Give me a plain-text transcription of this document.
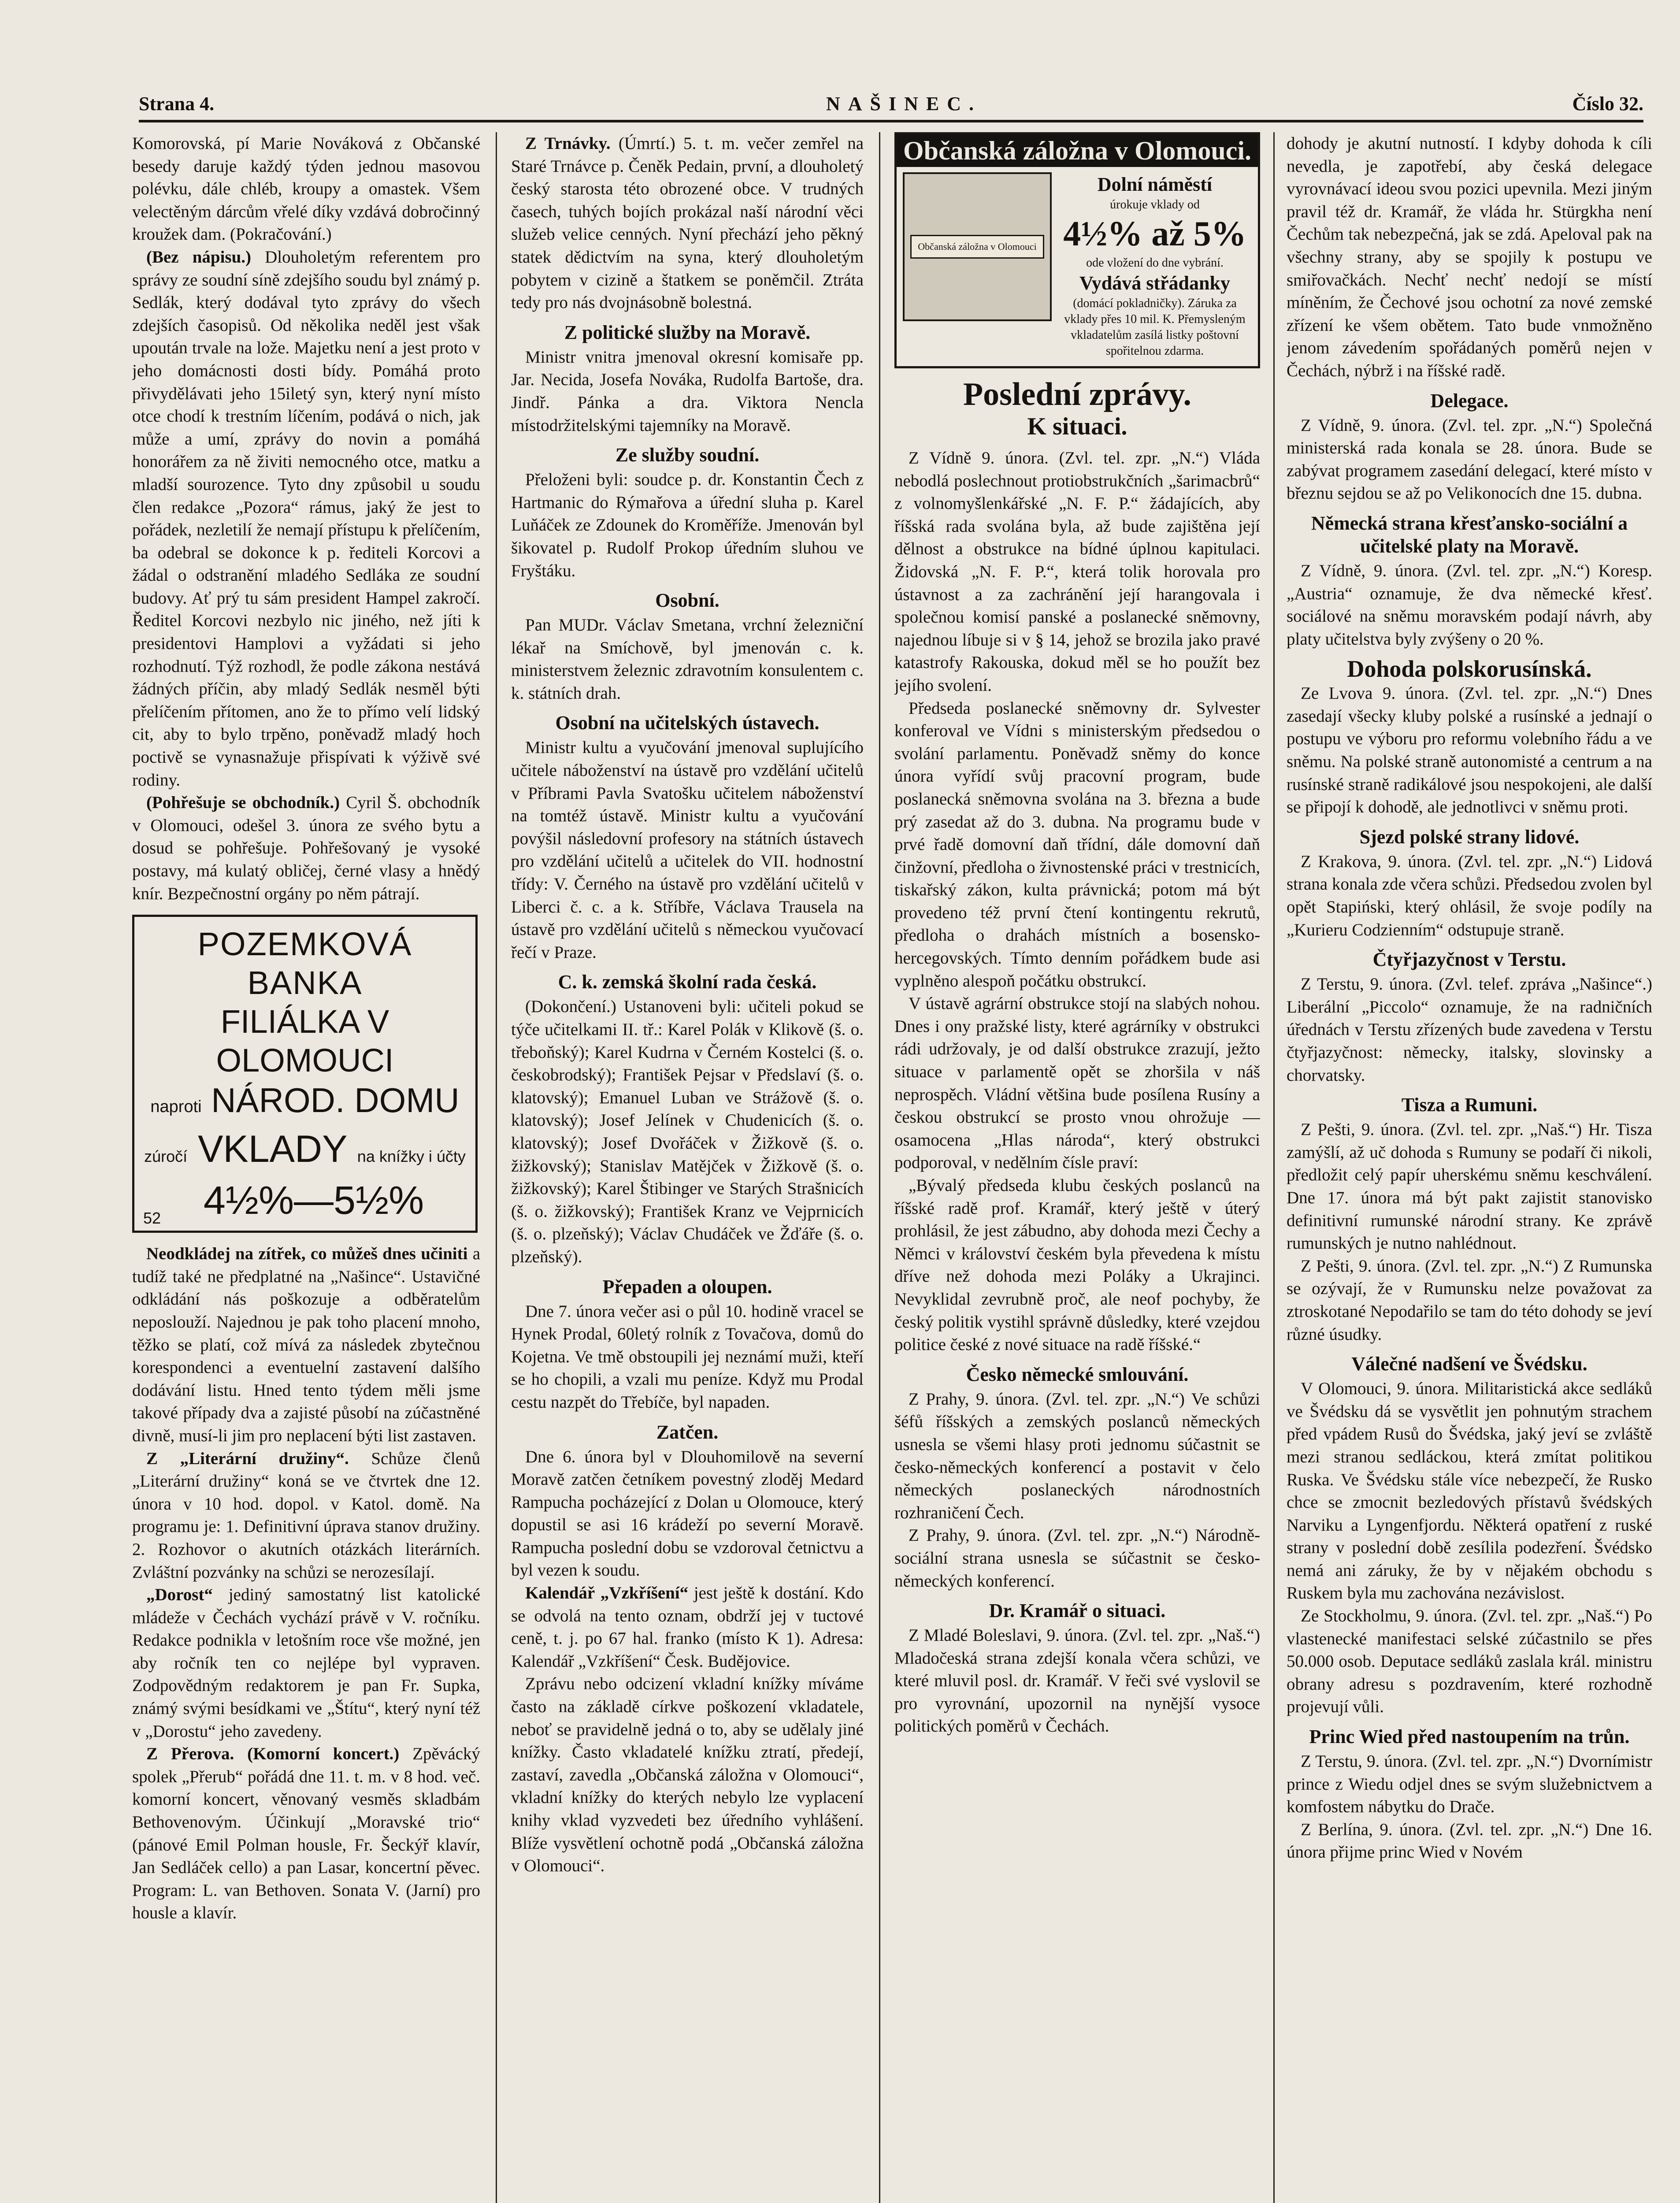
Strana 4.	NAŠINEC.	Číslo 32.

Komorovská, pí Marie Nováková z Občanské besedy daruje každý týden jednou masovou polévku, dále chléb, kroupy a omastek. Všem velectěným dárcům vřelé díky vzdává dobročinný kroužek dam. (Pokračování.)

(Bez nápisu.) Dlouholetým referentem pro správy ze soudní síně zdejšího soudu byl známý p. Sedlák, který dodával tyto zprávy do všech zdejších časopisů. Od několika neděl jest však upoután trvale na lože. Majetku není a jest proto v jeho domácnosti dosti bídy. Pomáhá proto přivydělávati jeho 15iletý syn, který nyní místo otce chodí k trestním líčením, podává o nich, jak může a umí, zprávy do novin a pomáhá honorářem za ně živiti nemocného otce, matku a mladší sourozence. Tyto dny způsobil u soudu člen redakce „Pozora“ rámus, jaký že jest to pořádek, nezletilí že nemají přístupu k přelíčením, ba odebral se dokonce k p. řediteli Korcovi a žádal o odstranění mladého Sedláka ze soudní budovy. Ať prý tu sám president Hampel zakročí. Ředitel Korcovi nezbylo nic jiného, než jíti k presidentovi Hamplovi a vyžádati si jeho rozhodnutí. Týž rozhodl, že podle zákona nestává žádných příčin, aby mladý Sedlák nesměl býti přelíčením přítomen, ano že to přímo velí lidský cit, aby to bylo trpěno, poněvadž mladý hoch poctivě se vynasnažuje přispívati k výživě své rodiny.

(Pohřešuje se obchodník.) Cyril Š. obchodník v Olomouci, odešel 3. února ze svého bytu a dosud se pohřešuje. Pohřešovaný je vysoké postavy, má kulatý obličej, černé vlasy a hnědý knír. Bezpečnostní orgány po něm pátrají.

POZEMKOVÁ BANKA
FILIÁLKA V OLOMOUCI
naproti NÁROD. DOMU
zúročí VKLADY na knížky i účty
52 4½%—5½%

Neodkládej na zítřek, co můžeš dnes učiniti a tudíž také ne předplatné na „Našince“. Ustavičné odkládání nás poškozuje a odběratelům neposlouží. Najednou je pak toho placení mnoho, těžko se platí, což mívá za následek zbytečnou korespondenci a eventuelní zastavení dalšího dodávání listu. Hned tento týdem měli jsme takové případy dva a zajisté působí na zúčastněné divně, musí-li jim pro neplacení býti list zastaven.

Z „Literární družiny“. Schůze členů „Literární družiny“ koná se ve čtvrtek dne 12. února v 10 hod. dopol. v Katol. domě. Na programu je: 1. Definitivní úprava stanov družiny. 2. Rozhovor o akutních otázkách literárních. Zvláštní pozvánky na schůzi se nerozesílají.

„Dorost“ jediný samostatný list katolické mládeže v Čechách vychází právě v V. ročníku. Redakce podnikla v letošním roce vše možné, jen aby ročník ten co nejlépe byl vypraven. Zodpovědným redaktorem je pan Fr. Supka, známý svými besídkami ve „Štítu“, který nyní též v „Dorostu“ jeho zavedeny.

Z Přerova. (Komorní koncert.) Zpěvácký spolek „Přerub“ pořádá dne 11. t. m. v 8 hod. več. komorní koncert, věnovaný vesměs skladbám Bethovenovým. Účinkují „Moravské trio“ (pánové Emil Polman housle, Fr. Šeckýř klavír, Jan Sedláček cello) a pan Lasar, koncertní pěvec. Program: L. van Bethoven. Sonata V. (Jarní) pro housle a klavír.

Z Trnávky. (Úmrtí.) 5. t. m. večer zemřel na Staré Trnávce p. Čeněk Pedain, první, a dlouholetý český starosta této obrozené obce. V trudných časech, tuhých bojích prokázal naší národní věci služeb velice cenných. Nyní přechází jeho pěkný statek dědictvím na syna, který dlouholetým pobytem v cizině a štatkem se poněmčil. Ztráta tedy pro nás dvojnásobně bolestná.

Z politické služby na Moravě.

Ministr vnitra jmenoval okresní komisaře pp. Jar. Necida, Josefa Nováka, Rudolfa Bartoše, dra. Jindř. Pánka a dra. Viktora Nencla místodržitelskými tajemníky na Moravě.

Ze služby soudní.

Přeloženi byli: soudce p. dr. Konstantin Čech z Hartmanic do Rýmařova a úřední sluha p. Karel Luňáček ze Zdounek do Kroměříže. Jmenován byl šikovatel p. Rudolf Prokop úředním sluhou ve Fryštáku.

Osobní.

Pan MUDr. Václav Smetana, vrchní železniční lékař na Smíchově, byl jmenován c. k. ministerstvem železnic zdravotním konsulentem c. k. státních drah.

Osobní na učitelských ústavech.

Ministr kultu a vyučování jmenoval suplujícího učitele náboženství na ústavě pro vzdělání učitelů v Příbrami Pavla Svatošku učitelem náboženství na tomtéž ústavě. Ministr kultu a vyučování povýšil následovní profesory na státních ústavech pro vzdělání učitelů a učitelek do VII. hodnostní třídy: V. Černého na ústavě pro vzdělání učitelů v Liberci č. c. a k. Stříbře, Václava Trausela na ústavě pro vzdělání učitelů s německou vyučovací řečí v Praze.

C. k. zemská školní rada česká.

(Dokončení.) Ustanoveni byli: učiteli pokud se týče učitelkami II. tř.: Karel Polák v Klikově (š. o. třeboňský); Karel Kudrna v Černém Kostelci (š. o. českobrodský); František Pejsar v Předslaví (š. o. klatovský); Emanuel Luban ve Strážově (š. o. klatovský); Josef Jelínek v Chudenicích (š. o. klatovský); Josef Dvořáček v Žižkově (š. o. žižkovský); Stanislav Matějček v Žižkově (š. o. žižkovský); Karel Štibinger ve Starých Strašnicích (š. o. žižkovský); František Kranz ve Vejprnicích (š. o. plzeňský); Václav Chudáček ve Žďáře (š. o. plzeňský).

Přepaden a oloupen.

Dne 7. února večer asi o půl 10. hodině vracel se Hynek Prodal, 60letý rolník z Tovačova, domů do Kojetna. Ve tmě obstoupili jej neznámí muži, kteří se ho chopili, a vzali mu peníze. Když mu Prodal cestu nazpět do Třebíče, byl napaden.

Zatčen.

Dne 6. února byl v Dlouhomilově na severní Moravě zatčen četníkem povestný zloděj Medard Rampucha pocházející z Dolan u Olomouce, který dopustil se asi 16 krádeží po severní Moravě. Rampucha poslední dobu se vzdoroval četnictvu a byl vezen k soudu.

Kalendář „Vzkříšení“ jest ještě k dostání. Kdo se odvolá na tento oznam, obdrží jej v tuctové ceně, t. j. po 67 hal. franko (místo K 1). Adresa: Kalendář „Vzkříšení“ Česk. Budějovice.

Zprávu nebo odcizení vkladní knížky míváme často na základě církve poškození vkladatele, neboť se pravidelně jedná o to, aby se udělaly jiné knížky. Často vkladatelé knížku ztratí, předejí, zastaví, zavedla „Občanská záložna v Olomouci“, vkladní knížky do kterých nebylo lze vyplacení knihy vklad vyzvedeti bez úředního vyhlášení. Blíže vysvětlení ochotně podá „Občanská záložna v Olomouci“.

Občanská záložna v Olomouci.
Občanská záložna v Olomouci
Dolní náměstí
úrokuje vklady od
4½% až 5%
ode vložení do dne vybrání.
Vydává střádanky
(domácí pokladničky). Záruka za vklady přes 10 mil. K. Přemysleným vkladatelům zasílá listky poštovní spořitelnou zdarma.
Poslední zprávy.
K situaci.

Z Vídně 9. února. (Zvl. tel. zpr. „N.“) Vláda nebodlá poslechnout protiobstrukčních „šarimacbrů“ z volnomyšlenkářské „N. F. P.“ žádajících, aby říšská rada svolána byla, až bude zajištěna její dělnost a obstrukce na bídné úplnou kapitulaci. Židovská „N. F. P.“, která tolik horovala pro ústavnost a za zachránění její harangovala i společnou komisí panské a poslanecké sněmovny, najednou líbuje si v § 14, jehož se brozila jako pravé katastrofy Rakouska, dokud měl se ho použít bez jejího svolení.

Předseda poslanecké sněmovny dr. Sylvester konferoval ve Vídni s ministerským předsedou o svolání parlamentu. Poněvadž sněmy do konce února vyřídí svůj pracovní program, bude poslanecká sněmovna svolána na 3. března a bude prý zasedat až do 3. dubna. Na programu bude v prvé řadě domovní daň třídní, dále domovní daň činžovní, předloha o živnostenské práci v trestnicích, tiskařský zákon, kulta právnická; potom má být provedeno též první čtení kontingentu rekrutů, předloha o drahách místních a bosensko-hercegovských. Tímto denním pořádkem bude asi vyplněno alespoň počátku obstrukcí.

V ústavě agrární obstrukce stojí na slabých nohou. Dnes i ony pražské listy, které agrárníky v obstrukci rádi udržovaly, je od další obstrukce zrazují, ježto situace v parlamentě opět se zhoršila v náš neprospěch. Vládní většina bude posílena Rusíny a českou obstrukcí se prosto vnou ohrožuje — osamocena „Hlas národa“, který obstrukci podporoval, v nedělním čísle praví:

„Bývalý předseda klubu českých poslanců na říšské radě prof. Kramář, který ještě v úterý prohlásil, že jest zábudno, aby dohoda mezi Čechy a Němci v království českém byla převedena k místu dříve než dohoda mezi Poláky a Ukrajinci. Nevyklidal zevrubně proč, ale neof pochyby, že český politik vystihl správně důsledky, které vzejdou politice české z nové situace na radě říšské.“

Česko německé smlouvání.

Z Prahy, 9. února. (Zvl. tel. zpr. „N.“) Ve schůzi šéfů říšských a zemských poslanců německých usnesla se všemi hlasy proti jednomu súčastnit se česko-německých konferencí a postavit v čelo německých poslaneckých národnostních rozhraničení Čech.

Z Prahy, 9. února. (Zvl. tel. zpr. „N.“) Národně-sociální strana usnesla se súčastnit se česko-německých konferencí.

Dr. Kramář o situaci.

Z Mladé Boleslavi, 9. února. (Zvl. tel. zpr. „Naš.“) Mladočeská strana zdejší konala včera schůzi, ve které mluvil posl. dr. Kramář. V řeči své vyslovil se pro vyrovnání, upozornil na nynější vysoce politických poměrů v Čechách.

dohody je akutní nutností. I kdyby dohoda k cíli nevedla, je zapotřebí, aby česká delegace vyrovnávací ideou svou pozici upevnila. Mezi jiným pravil též dr. Kramář, že vláda hr. Stürgkha není Čechům tak nebezpečná, jak se zdá. Apeloval pak na všechny strany, aby se spojily k postupu ve smiřovačkách. Nechť nechť nedojí se místí míněním, že Čechové jsou ochotní za nové zemské zřízení ke všem obětem. Tato bude vnmožněno jenom závedením spořádaných poměrů nejen v Čechách, nýbrž i na říšské radě.

Delegace.

Z Vídně, 9. února. (Zvl. tel. zpr. „N.“) Společná ministerská rada konala se 28. února. Bude se zabývat programem zasedání delegací, které místo v březnu sejdou se až po Velikonocích dne 15. dubna.

Německá strana křesťansko-sociální a učitelské platy na Moravě.

Z Vídně, 9. února. (Zvl. tel. zpr. „N.“) Koresp. „Austria“ oznamuje, že dva německé křesť. sociálové na sněmu moravském podají návrh, aby platy učitelstva byly zvýšeny o 20 %.

Dohoda polskorusínská.

Ze Lvova 9. února. (Zvl. tel. zpr. „N.“) Dnes zasedají všecky kluby polské a rusínské a jednají o postupu ve výboru pro reformu volebního řádu a ve sněmu. Na polské straně autonomisté a centrum a na rusínské straně radikálové jsou nespokojeni, ale další se připojí k dohodě, ale jednotlivci v sněmu proti.

Sjezd polské strany lidové.

Z Krakova, 9. února. (Zvl. tel. zpr. „N.“) Lidová strana konala zde včera schůzi. Předsedou zvolen byl opět Stapiński, který ohlásil, že svoje podíly na „Kurieru Codzienním“ odstupuje straně.

Čtyřjazyčnost v Terstu.

Z Terstu, 9. února. (Zvl. telef. zpráva „Našince“.) Liberální „Piccolo“ oznamuje, že na radničních úřednách v Terstu zřízených bude zavedena v Terstu čtyřjazyčnost: německy, italsky, slovinsky a chorvatsky.

Tisza a Rumuni.

Z Pešti, 9. února. (Zvl. tel. zpr. „Naš.“) Hr. Tisza zamýšlí, až uč dohoda s Rumuny se podaří či nikoli, předložit celý papír uherskému sněmu keschválení. Dne 17. února má být pakt zajistit stanovisko definitivní rumunské národní strany. Ke zprávě rumunských je nutno nahlédnout.

Z Pešti, 9. února. (Zvl. tel. zpr. „N.“) Z Rumunska se ozývají, že v Rumunsku nelze považovat za ztroskotané Nepodařilo se tam do této dohody se jeví různé úsudky.

Válečné nadšení ve Švédsku.

V Olomouci, 9. února. Militaristická akce sedláků ve Švédsku dá se vysvětlit jen pohnutým strachem před vpádem Rusů do Švédska, jaký jeví se zvláště mezi stranou sedláckou, která zmítat politikou Ruska. Ve Švédsku stále více nebezpečí, že Rusko chce se zmocnit bezledových přístavů švédských Narviku a Lyngenfjordu. Některá opatření z ruské strany v poslední době zesílila podezření. Švédsko nemá ani záruky, že by v nějakém obchodu s Ruskem byla mu zachována nezávislost.

Ze Stockholmu, 9. února. (Zvl. tel. zpr. „Naš.“) Po vlastenecké manifestaci selské zúčastnilo se přes 50.000 osob. Deputace sedláků zaslala král. ministru obrany adresu s pozdravením, které rozhodně projevují vůli.

Princ Wied před nastoupením na trůn.

Z Terstu, 9. února. (Zvl. tel. zpr. „N.“) Dvornímistr prince z Wiedu odjel dnes se svým služebnictvem a komfostem nábytku do Drače.

Z Berlína, 9. února. (Zvl. tel. zpr. „N.“) Dne 16. února přijme princ Wied v Novém
